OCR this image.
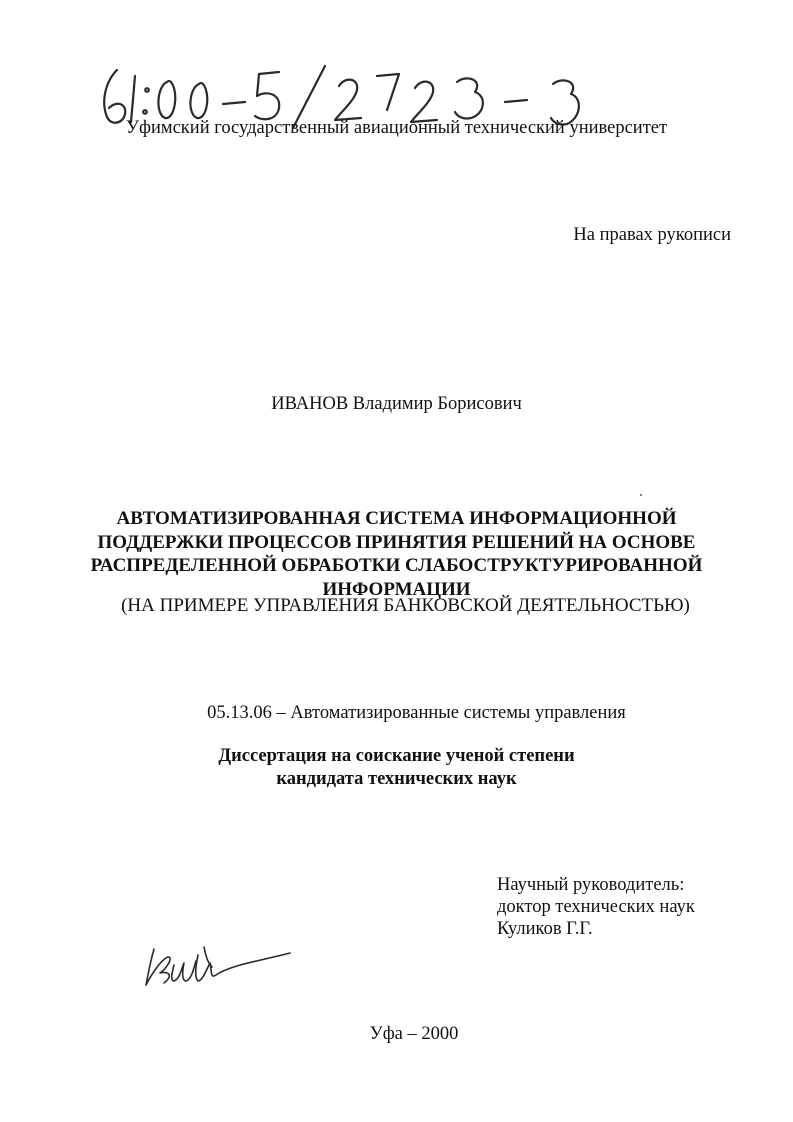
Уфимский государственный авиационный технический университет
На правах рукописи
ИВАНОВ Владимир Борисович
АВТОМАТИЗИРОВАННАЯ СИСТЕМА ИНФОРМАЦИОННОЙ
ПОДДЕРЖКИ ПРОЦЕССОВ ПРИНЯТИЯ РЕШЕНИЙ НА ОСНОВЕ
РАСПРЕДЕЛЕННОЙ ОБРАБОТКИ СЛАБОСТРУКТУРИРОВАННОЙ
ИНФОРМАЦИИ
(НА ПРИМЕРЕ УПРАВЛЕНИЯ БАНКОВСКОЙ ДЕЯТЕЛЬНОСТЬЮ)
05.13.06 – Автоматизированные системы управления
Диссертация на соискание ученой степени
кандидата технических наук
Научный руководитель:
доктор технических наук
Куликов Г.Г.
Уфа – 2000
